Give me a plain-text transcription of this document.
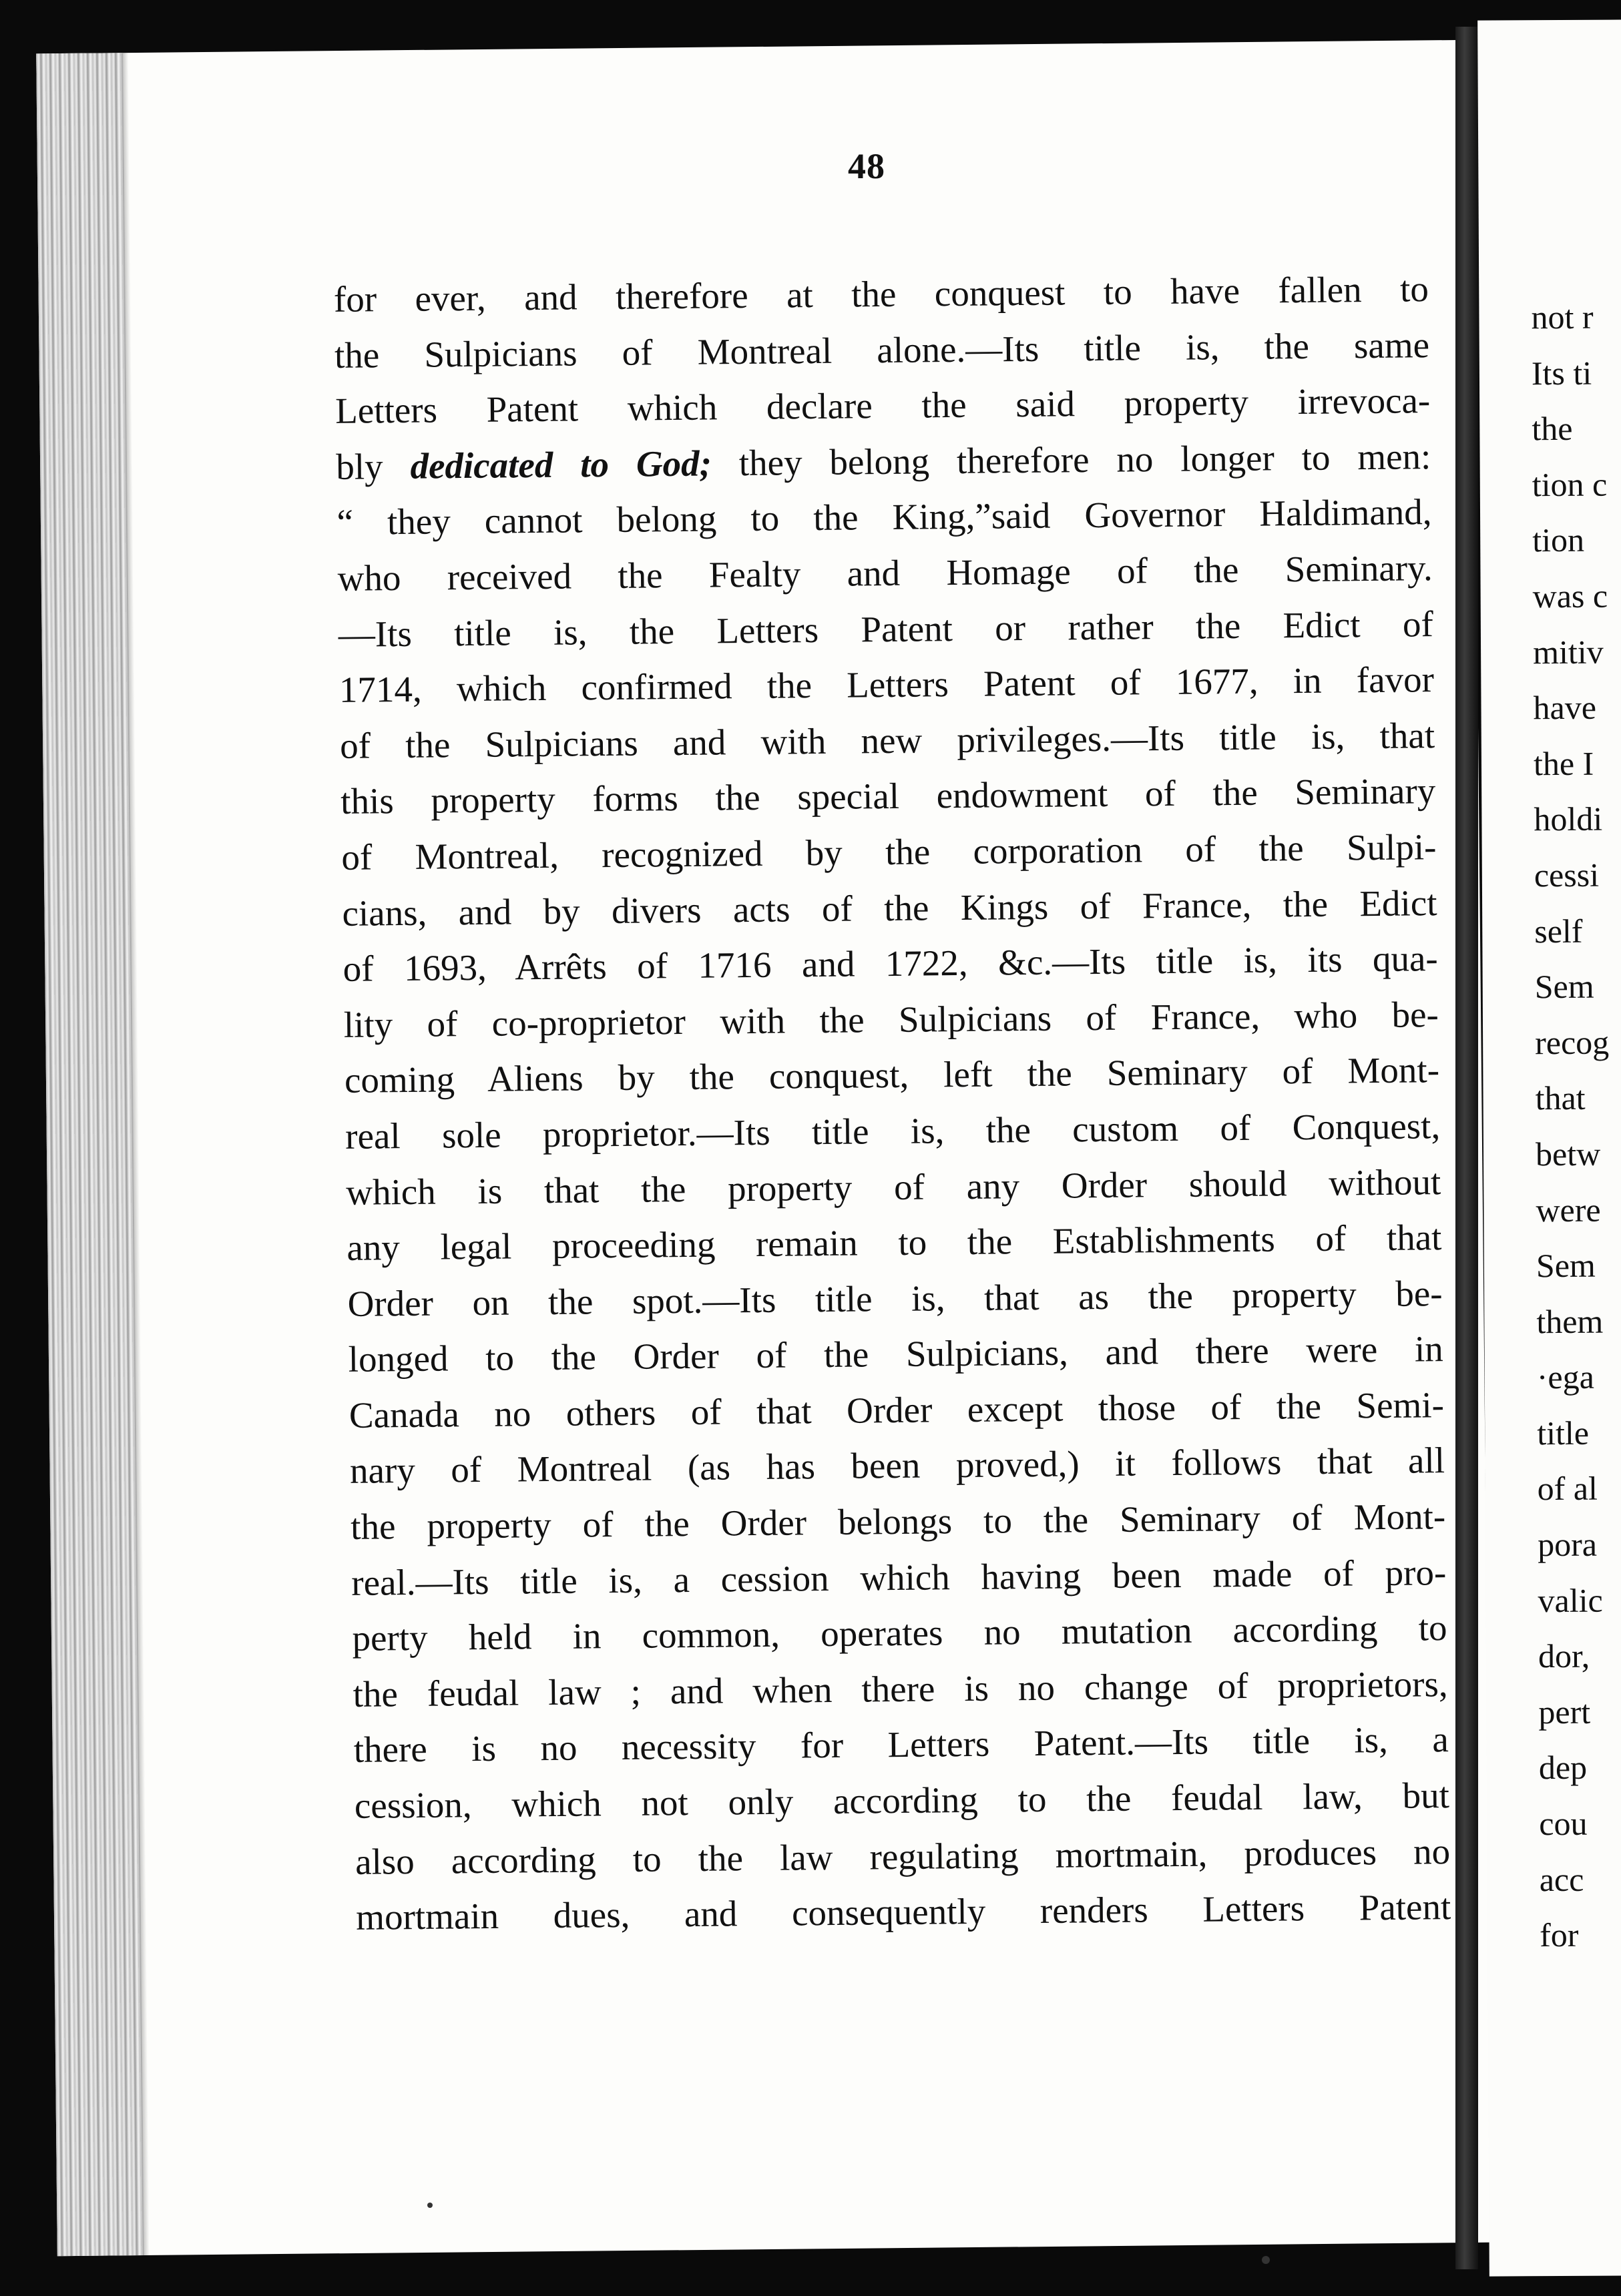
not r
Its ti
the
tion c
tion
was c
mitiv
have
the I
holdi
cessi
self
Sem
recog
that
betw
were
Sem
them
·ega
title
of al
pora
valic
dor,
pert
dep
cou
acc
for
48
for ever, and therefore at the conquest to have fallen to
the Sulpicians of Montreal alone.—Its title is, the same
Letters Patent which declare the said property irrevoca-
bly dedicated to God; they belong therefore no longer to men:
“ they cannot belong to the King,”said Governor Haldimand,
who received the Fealty and Homage of the Seminary.
—Its title is, the Letters Patent or rather the Edict of
1714, which confirmed the Letters Patent of 1677, in favor
of the Sulpicians and with new privileges.—Its title is, that
this property forms the special endowment of the Seminary
of Montreal, recognized by the corporation of the Sulpi-
cians, and by divers acts of the Kings of France, the Edict
of 1693, Arrêts of 1716 and 1722, &c.—Its title is, its qua-
lity of co-proprietor with the Sulpicians of France, who be-
coming Aliens by the conquest, left the Seminary of Mont-
real sole proprietor.—Its title is, the custom of Conquest,
which is that the property of any Order should without
any legal proceeding remain to the Establishments of that
Order on the spot.—Its title is, that as the property be-
longed to the Order of the Sulpicians, and there were in
Canada no others of that Order except those of the Semi-
nary of Montreal (as has been proved,) it follows that all
the property of the Order belongs to the Seminary of Mont-
real.—Its title is, a cession which having been made of pro-
perty held in common, operates no mutation according to
the feudal law ; and when there is no change of proprietors,
there is no necessity for Letters Patent.—Its title is, a
cession, which not only according to the feudal law, but
also according to the law regulating mortmain, produces no
mortmain dues, and consequently renders Letters Patent
